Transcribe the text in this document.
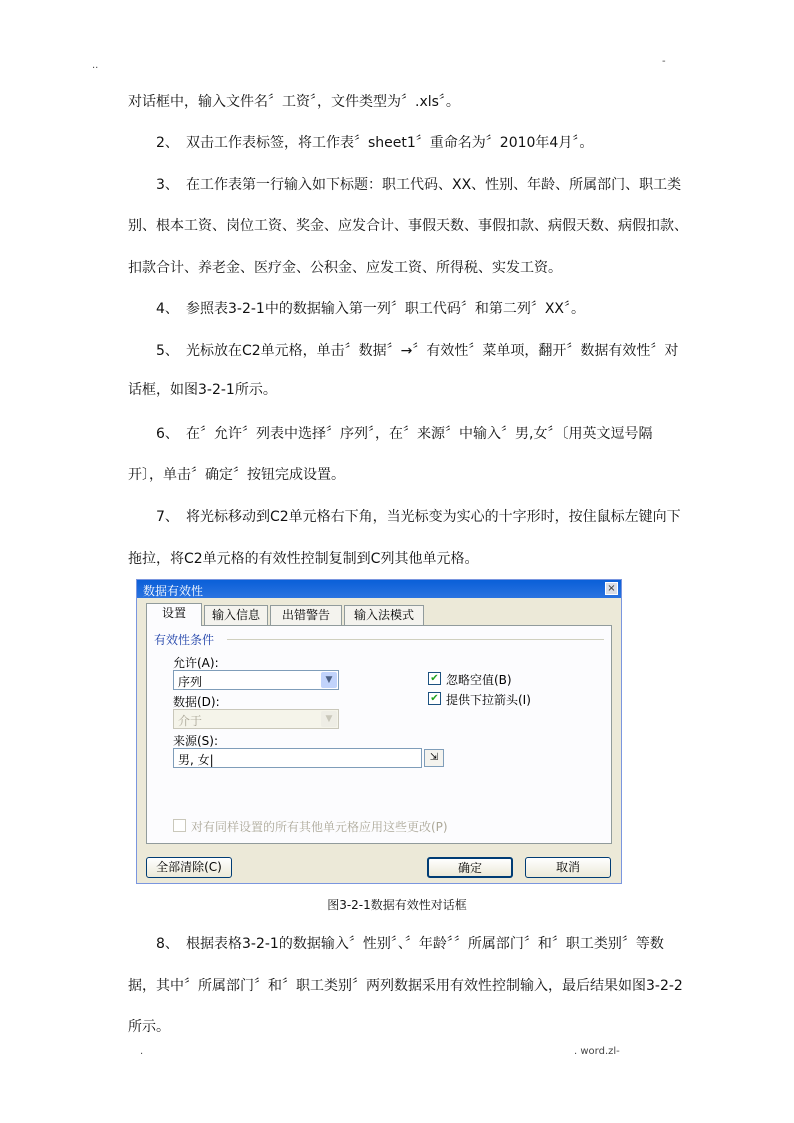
..	-
对话框中，输入文件名〞工资〞，文件类型为〞.xls〞。
2、 双击工作表标签，将工作表〞sheet1〞重命名为〞2010年4月〞。
3、 在工作表第一行输入如下标题：职工代码、XX、性别、年龄、所属部门、职工类
别、根本工资、岗位工资、奖金、应发合计、事假天数、事假扣款、病假天数、病假扣款、
扣款合计、养老金、医疗金、公积金、应发工资、所得税、实发工资。
4、 参照表3-2-1中的数据输入第一列〞职工代码〞和第二列〞XX〞。
5、 光标放在C2单元格，单击〞数据〞→〞有效性〞菜单项，翻开〞数据有效性〞对
话框，如图3-2-1所示。
6、 在〞允许〞列表中选择〞序列〞，在〞来源〞中输入〞男,女〞〔用英文逗号隔
开〕，单击〞确定〞按钮完成设置。
7、 将光标移动到C2单元格右下角，当光标变为实心的十字形时，按住鼠标左键向下
拖拉，将C2单元格的有效性控制复制到C列其他单元格。
数据有效性	×
设置	输入信息	出错警告	输入法模式
有效性条件
允许(A):
序列	▼
数据(D):
介于	▼
来源(S):
男, 女|	⇲
✔ 忽略空值(B)
✔ 提供下拉箭头(I)
对有同样设置的所有其他单元格应用这些更改(P)
全部清除(C)	确定	取消
图3-2-1数据有效性对话框
8、 根据表格3-2-1的数据输入〞性别〞、〞年龄〞〞所属部门〞和〞职工类别〞等数
据，其中〞所属部门〞和〞职工类别〞两列数据采用有效性控制输入，最后结果如图3-2-2
所示。
.	. word.zl-
